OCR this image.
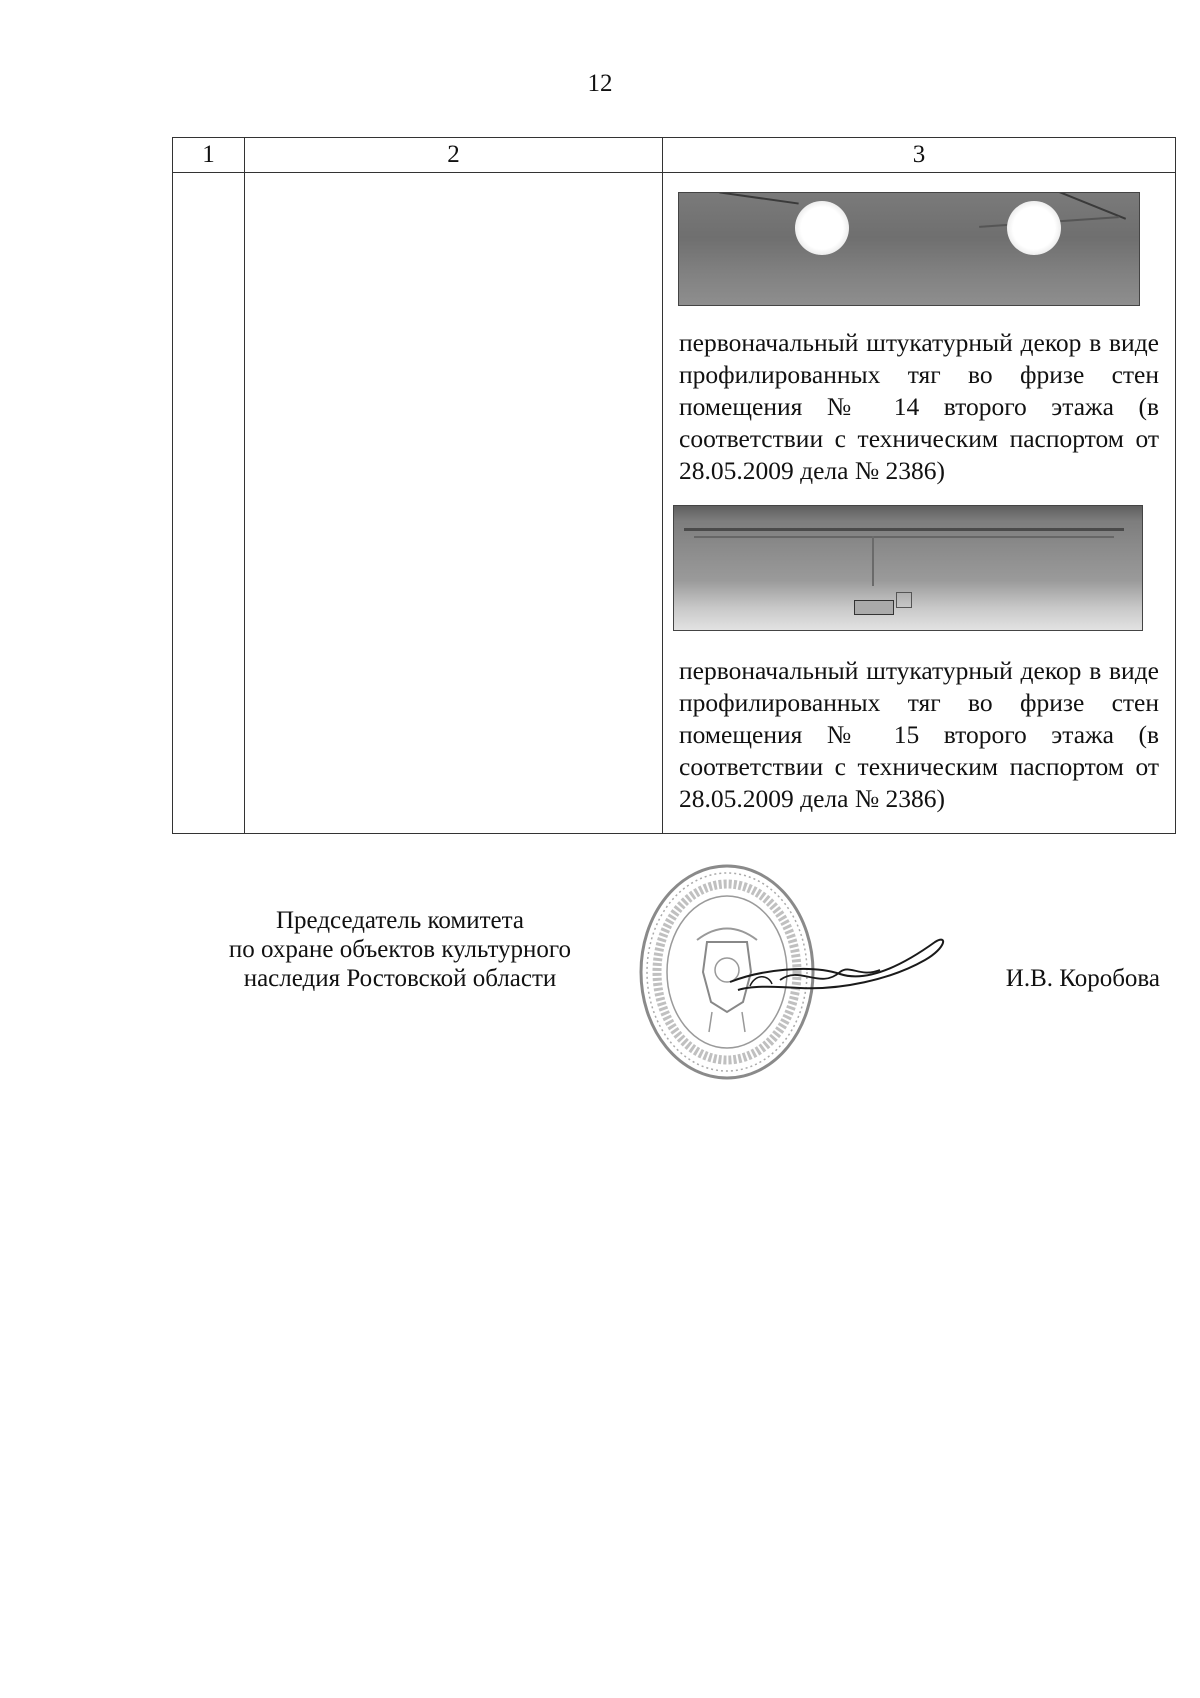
12
1	2	3

		первоначальный штукатурный декор в виде профилированных тяг во фризе стен помещения № 14 второго этажа (в соответствии с техническим паспортом от 28.05.2009 дела № 2386)

первоначальный штукатурный декор в виде профилированных тяг во фризе стен помещения № 15 второго этажа (в соответствии с техническим паспортом от 28.05.2009 дела № 2386)

Председатель комитета
по охране объектов культурного
наследия Ростовской области	И.В. Коробова
